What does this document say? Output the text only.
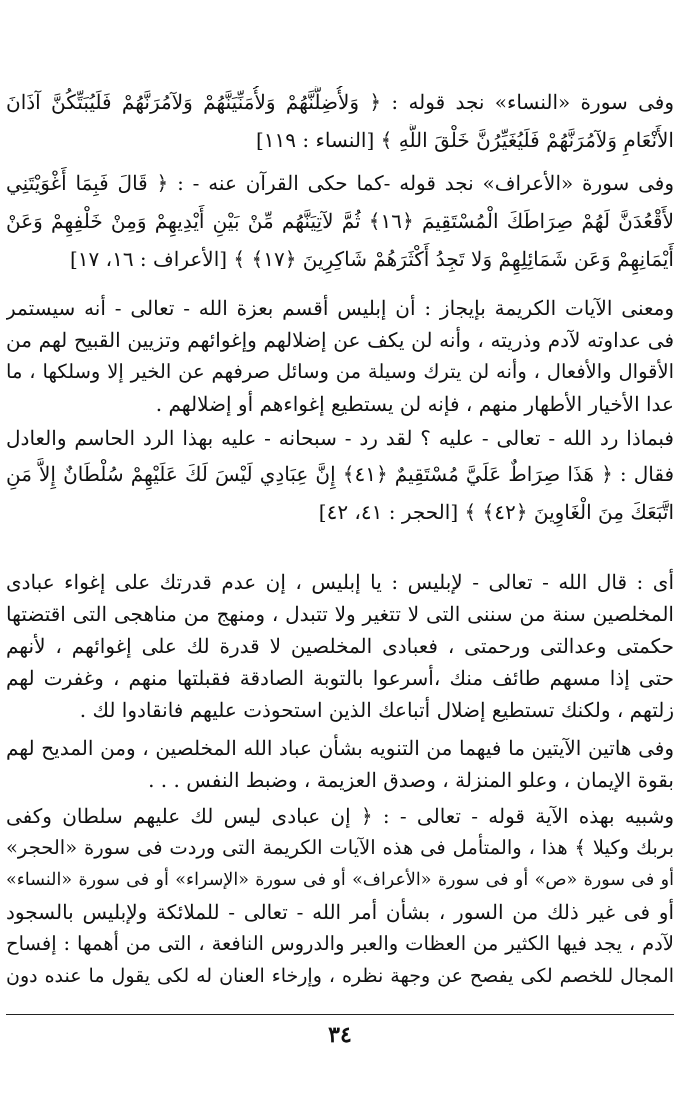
وفى سورة «النساء» نجد قوله : ﴿ وَلأُضِلَّنَّهُمْ وَلأُمَنِّيَنَّهُمْ وَلآمُرَنَّهُمْ فَلَيُبَتِّكُنَّ آذَانَ
الأَنْعَامِ وَلآمُرَنَّهُمْ فَلَيُغَيِّرُنَّ خَلْقَ اللَّهِ ﴾ [النساء : ١١٩]
وفى سورة «الأعراف» نجد قوله -كما حكى القرآن عنه - : ﴿ قَالَ فَبِمَا أَغْوَيْتَنِي
لأَقْعُدَنَّ لَهُمْ صِرَاطَكَ الْمُسْتَقِيمَ ﴿١٦﴾ ثُمَّ لآتِيَنَّهُم مِّنْ بَيْنِ أَيْدِيهِمْ وَمِنْ خَلْفِهِمْ وَعَنْ
أَيْمَانِهِمْ وَعَن شَمَائِلِهِمْ وَلا تَجِدُ أَكْثَرَهُمْ شَاكِرِينَ ﴿١٧﴾ ﴾ [الأعراف : ١٦، ١٧]
ومعنى الآيات الكريمة بإيجاز : أن إبليس أقسم بعزة الله - تعالى - أنه سيستمر
فى عداوته لآدم وذريته ، وأنه لن يكف عن إضلالهم وإغوائهم وتزيين القبيح لهم من
الأقوال والأفعال ، وأنه لن يترك وسيلة من وسائل صرفهم عن الخير إلا وسلكها ، ما
عدا الأخيار الأطهار منهم ، فإنه لن يستطيع إغواءهم أو إضلالهم .
فبماذا رد الله - تعالى - عليه ؟ لقد رد - سبحانه - عليه بهذا الرد الحاسم والعادل
فقال : ﴿ هَذَا صِرَاطٌ عَلَيَّ مُسْتَقِيمٌ ﴿٤١﴾ إِنَّ عِبَادِي لَيْسَ لَكَ عَلَيْهِمْ سُلْطَانٌ إِلاَّ مَنِ
اتَّبَعَكَ مِنَ الْغَاوِينَ ﴿٤٢﴾ ﴾ [الحجر : ٤١، ٤٢]
أى : قال الله - تعالى - لإبليس : يا إبليس ، إن عدم قدرتك على إغواء عبادى
المخلصين سنة من سننى التى لا تتغير ولا تتبدل ، ومنهج من مناهجى التى اقتضتها
حكمتى وعدالتى ورحمتى ، فعبادى المخلصين لا قدرة لك على إغوائهم ، لأنهم
حتى إذا مسهم طائف منك ،أسرعوا بالتوبة الصادقة فقبلتها منهم ، وغفرت لهم
زلتهم ، ولكنك تستطيع إضلال أتباعك الذين استحوذت عليهم فانقادوا لك .
وفى هاتين الآيتين ما فيهما من التنويه بشأن عباد الله المخلصين ، ومن المديح لهم
بقوة الإيمان ، وعلو المنزلة ، وصدق العزيمة ، وضبط النفس . . .
وشبيه بهذه الآية قوله - تعالى - : ﴿ إن عبادى ليس لك عليهم سلطان وكفى
بربك وكيلا ﴾ هذا ، والمتأمل فى هذه الآيات الكريمة التى وردت فى سورة «الحجر»
أو فى سورة «ص» أو فى سورة «الأعراف» أو فى سورة «الإسراء» أو فى سورة «النساء»
أو فى غير ذلك من السور ، بشأن أمر الله - تعالى - للملائكة ولإبليس بالسجود
لآدم ، يجد فيها الكثير من العظات والعبر والدروس النافعة ، التى من أهمها : إفساح
المجال للخصم لكى يفصح عن وجهة نظره ، وإرخاء العنان له لكى يقول ما عنده دون
٣٤
